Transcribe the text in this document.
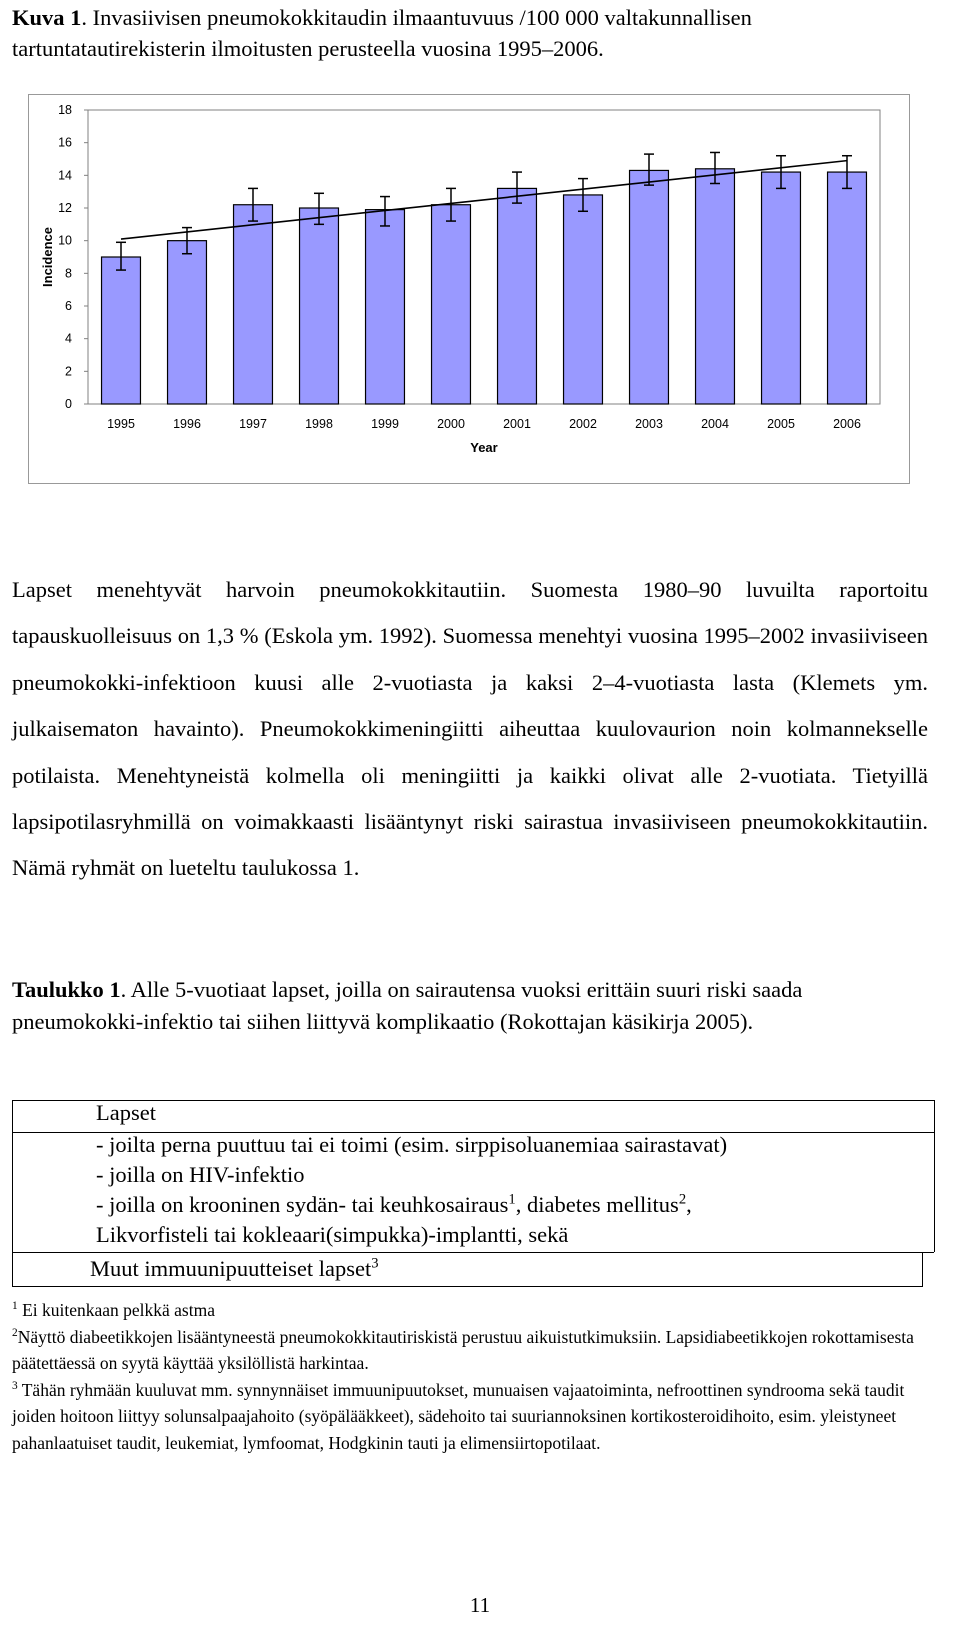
Kuva 1. Invasiivisen pneumokokkitaudin ilmaantuvuus /100 000 valtakunnallisen tartuntatautirekisterin ilmoitusten perusteella vuosina 1995–2006.
0
2
4
6
8
10
12
14
16
18
Incidence
1995	1996	1997	1998	1999	2000	2001	2002	2003	2004	2005	2006
Year
Lapset menehtyvät harvoin pneumokokkitautiin. Suomesta 1980–90 luvuilta raportoitu tapauskuolleisuus on 1,3 % (Eskola ym. 1992). Suomessa menehtyi vuosina 1995–2002 invasiiviseen pneumokokki-infektioon kuusi alle 2-vuotiasta ja kaksi 2–4-vuotiasta lasta (Klemets ym. julkaisematon havainto). Pneumokokkimeningiitti aiheuttaa kuulovaurion noin kolmannekselle potilaista. Menehtyneistä kolmella oli meningiitti ja kaikki olivat alle 2-vuotiata. Tietyillä lapsipotilasryhmillä on voimakkaasti lisääntynyt riski sairastua invasiiviseen pneumokokkitautiin. Nämä ryhmät on lueteltu taulukossa 1.
Taulukko 1. Alle 5-vuotiaat lapset, joilla on sairautensa vuoksi erittäin suuri riski saada pneumokokki-infektio tai siihen liittyvä komplikaatio (Rokottajan käsikirja 2005).
Lapset
- joilta perna puuttuu tai ei toimi (esim. sirppisoluanemiaa sairastavat)
- joilla on HIV-infektio
- joilla on krooninen sydän- tai keuhkosairaus$^1$, diabetes mellitus$^2$,
Likvorfisteli tai kokleaari(simpukka)-implantti, sekä
Muut immuunipuutteiset lapset$^3$

$^1$ Ei kuitenkaan pelkkä astma

$^2$Näyttö diabeetikkojen lisääntyneestä pneumokokkitautiriskistä perustuu aikuistutkimuksiin. Lapsidiabeetikkojen rokottamisesta päätettäessä on syytä käyttää yksilöllistä harkintaa.

$^3$ Tähän ryhmään kuuluvat mm. synnynnäiset immuunipuutokset, munuaisen vajaatoiminta, nefroottinen syndrooma sekä taudit joiden hoitoon liittyy solunsalpaajahoito (syöpälääkkeet), sädehoito tai suuriannoksinen kortikosteroidihoito, esim. yleistyneet pahanlaatuiset taudit, leukemiat, lymfoomat, Hodgkinin tauti ja elimensiirtopotilaat.

11
